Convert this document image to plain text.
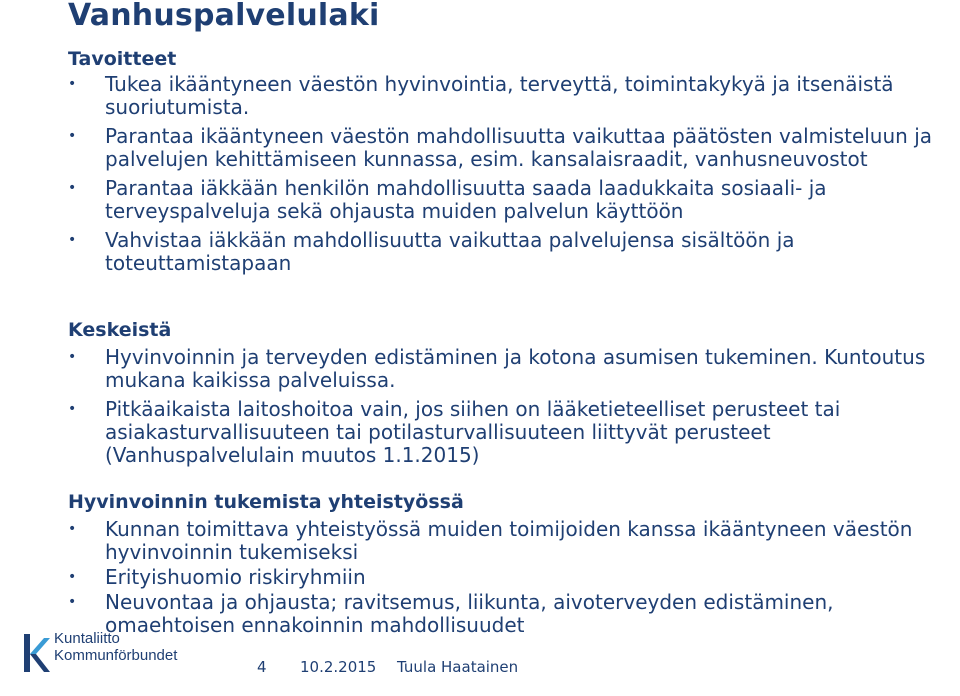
Vanhuspalvelulaki
Tavoitteet
• Tukea ikääntyneen väestön hyvinvointia, terveyttä, toimintakykyä ja itsenäistä suoriutumista.
• Parantaa ikääntyneen väestön mahdollisuutta vaikuttaa päätösten valmisteluun ja palvelujen kehittämiseen kunnassa, esim. kansalaisraadit, vanhusneuvostot
• Parantaa iäkkään henkilön mahdollisuutta saada laadukkaita sosiaali- ja terveyspalveluja sekä ohjausta muiden palvelun käyttöön
• Vahvistaa iäkkään mahdollisuutta vaikuttaa palvelujensa sisältöön ja toteuttamistapaan
Keskeistä
• Hyvinvoinnin ja terveyden edistäminen ja kotona asumisen tukeminen. Kuntoutus mukana kaikissa palveluissa.
• Pitkäaikaista laitoshoitoa vain, jos siihen on lääketieteelliset perusteet tai asiakasturvallisuuteen tai potilasturvallisuuteen liittyvät perusteet (Vanhuspalvelulain muutos 1.1.2015)
Hyvinvoinnin tukemista yhteistyössä
• Kunnan toimittava yhteistyössä muiden toimijoiden kanssa ikääntyneen väestön hyvinvoinnin tukemiseksi
• Erityishuomio riskiryhmiin
• Neuvontaa ja ohjausta; ravitsemus, liikunta, aivoterveyden edistäminen, omaehtoisen ennakoinnin mahdollisuudet
Kuntaliitto
Kommunförbundet
4 10.2.2015 Tuula Haatainen
